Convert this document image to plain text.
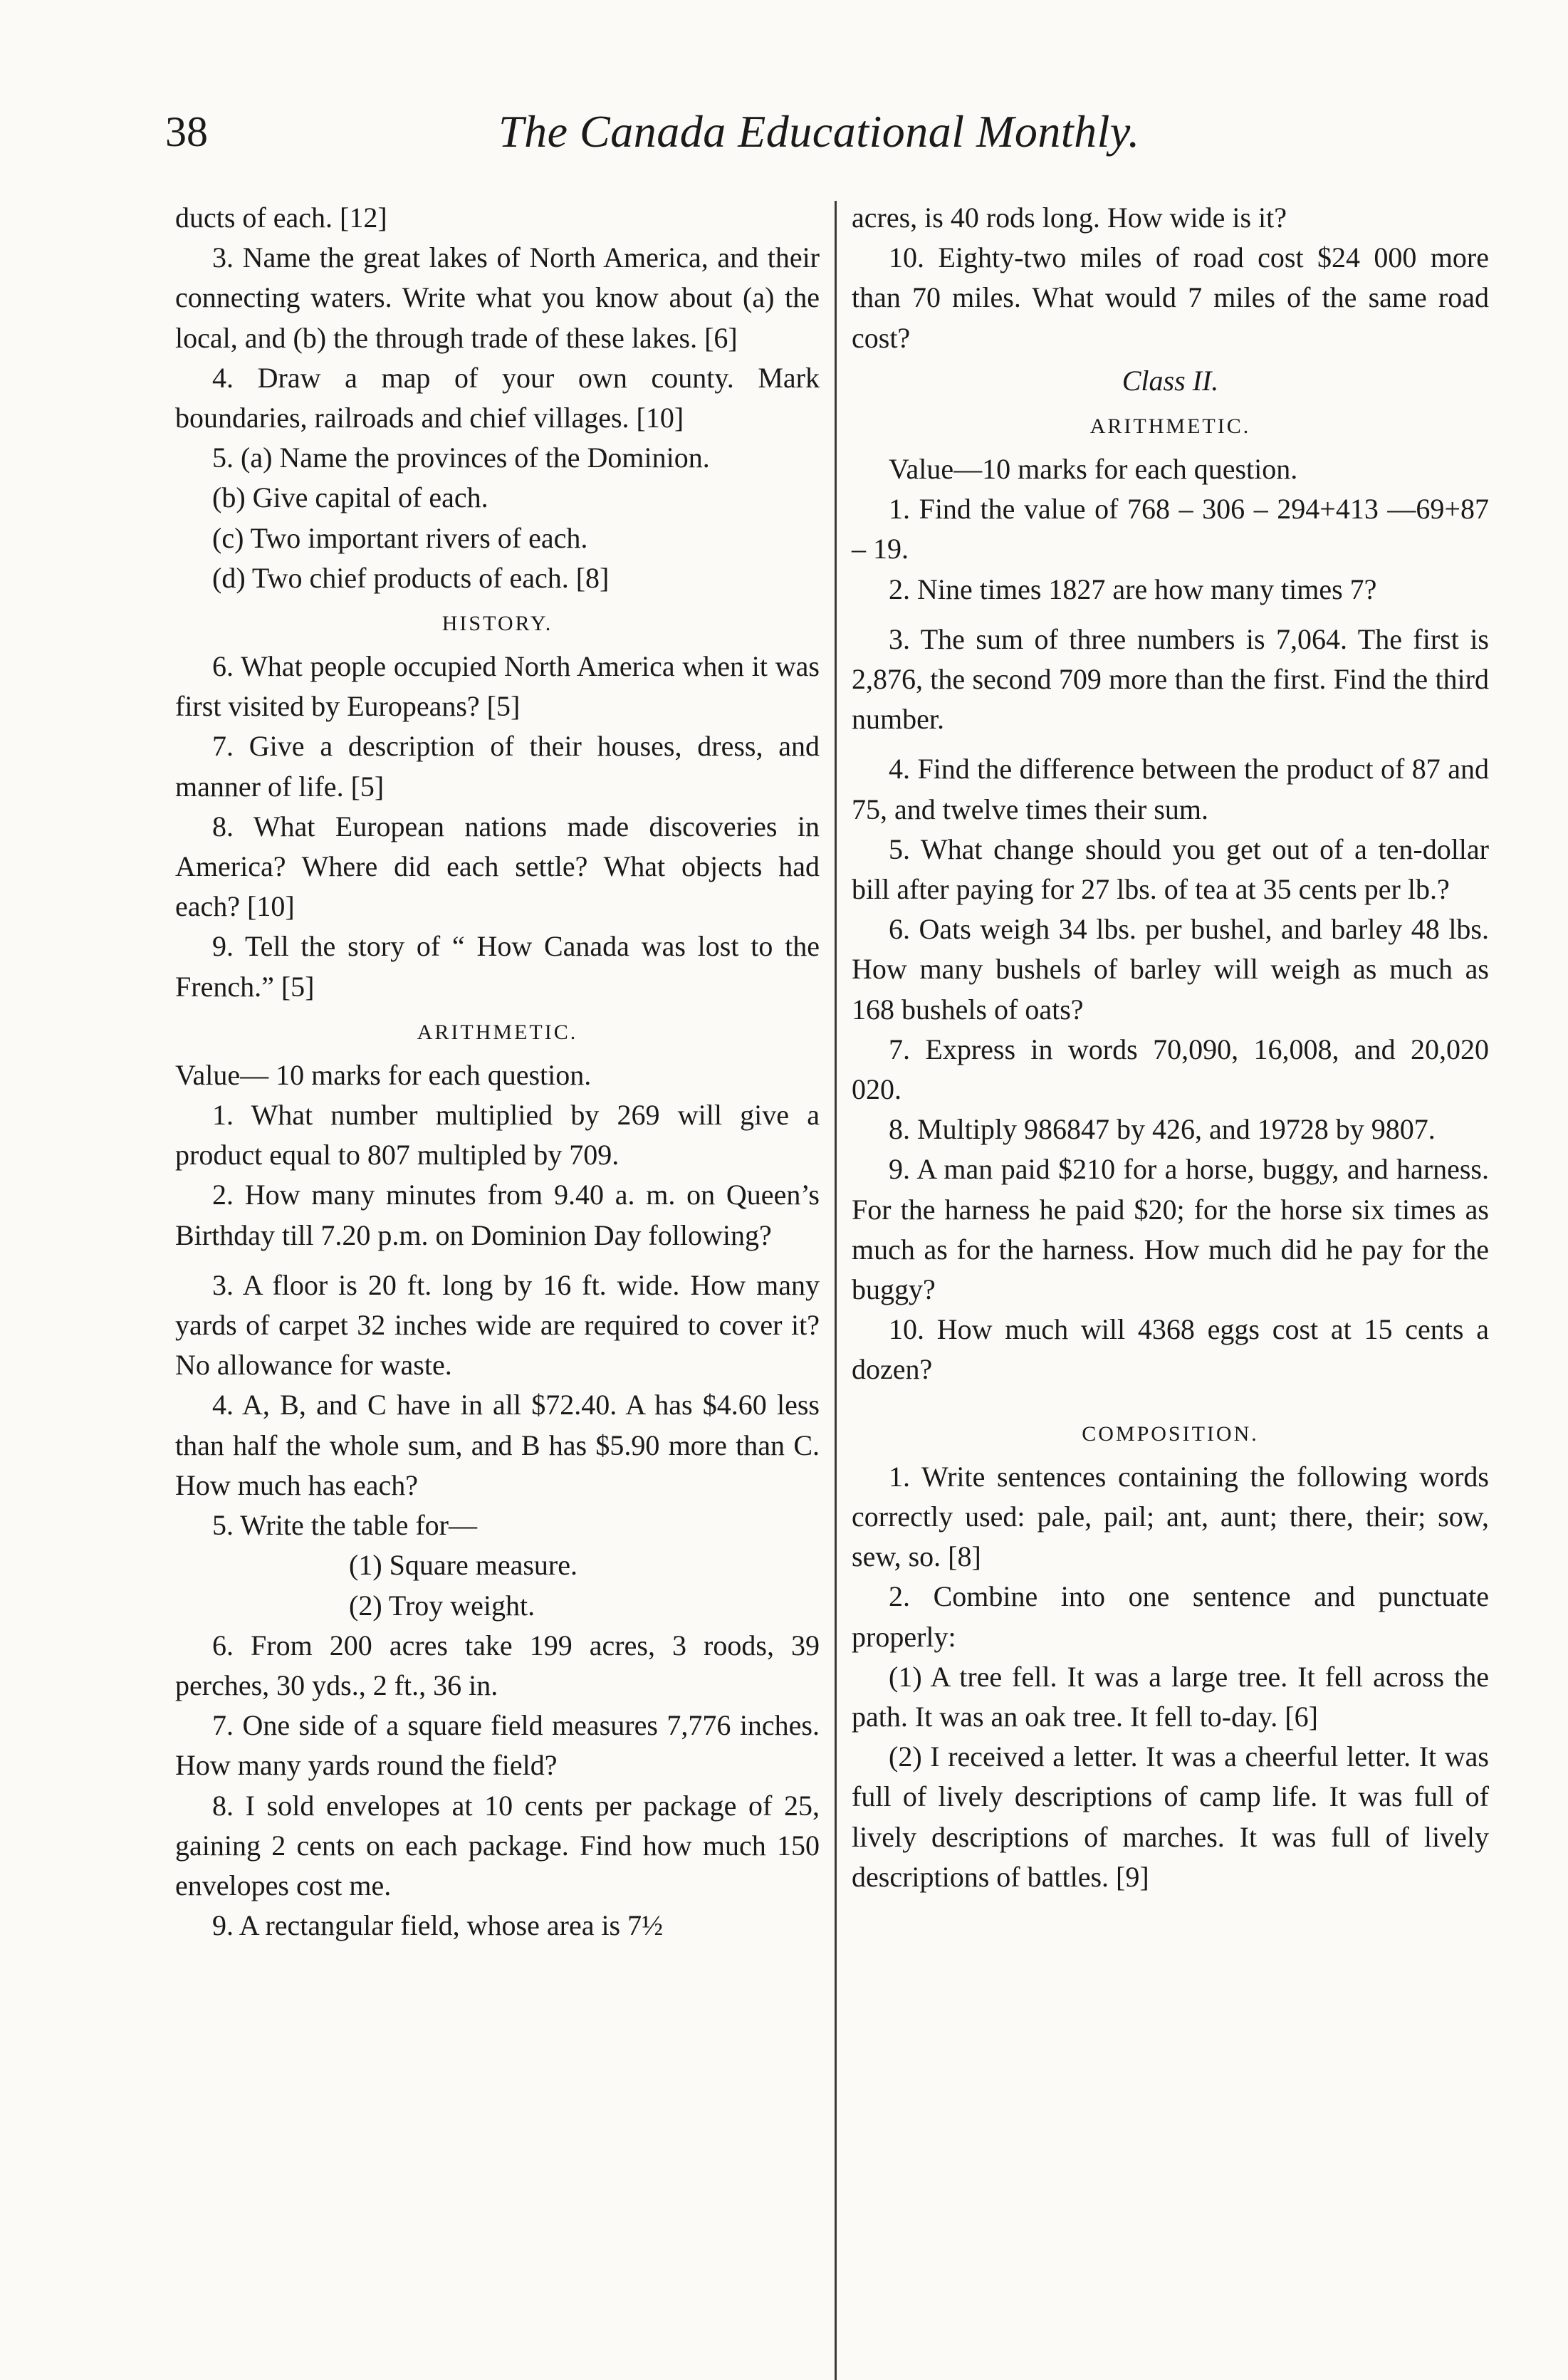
38	The Canada Educational Monthly.

ducts of each. [12]

3. Name the great lakes of North America, and their connecting waters. Write what you know about (a) the local, and (b) the through trade of these lakes. [6]

4. Draw a map of your own county. Mark boundaries, railroads and chief villages. [10]

5. (a) Name the provinces of the Dominion.

(b) Give capital of each.

(c) Two important rivers of each.

(d) Two chief products of each. [8]

HISTORY.

6. What people occupied North America when it was first visited by Europeans? [5]

7. Give a description of their houses, dress, and manner of life. [5]

8. What European nations made discoveries in America? Where did each settle? What objects had each? [10]

9. Tell the story of “ How Canada was lost to the French.” [5]

ARITHMETIC.

Value— 10 marks for each question.

1. What number multiplied by 269 will give a product equal to 807 multipled by 709.

2. How many minutes from 9.40 a. m. on Queen’s Birthday till 7.20 p.m. on Dominion Day following?

3. A floor is 20 ft. long by 16 ft. wide. How many yards of carpet 32 inches wide are required to cover it? No allowance for waste.

4. A, B, and C have in all $72.40. A has $4.60 less than half the whole sum, and B has $5.90 more than C. How much has each?

5. Write the table for—

(1) Square measure.

(2) Troy weight.

6. From 200 acres take 199 acres, 3 roods, 39 perches, 30 yds., 2 ft., 36 in.

7. One side of a square field measures 7,776 inches. How many yards round the field?

8. I sold envelopes at 10 cents per package of 25, gaining 2 cents on each package. Find how much 150 envelopes cost me.

9. A rectangular field, whose area is 7½

acres, is 40 rods long. How wide is it?

10. Eighty-two miles of road cost $24 000 more than 70 miles. What would 7 miles of the same road cost?

Class II.

ARITHMETIC.

Value—10 marks for each question.

1. Find the value of 768 – 306 – 294+413 —69+87 – 19.

2. Nine times 1827 are how many times 7?

3. The sum of three numbers is 7,064. The first is 2,876, the second 709 more than the first. Find the third number.

4. Find the difference between the product of 87 and 75, and twelve times their sum.

5. What change should you get out of a ten-dollar bill after paying for 27 lbs. of tea at 35 cents per lb.?

6. Oats weigh 34 lbs. per bushel, and barley 48 lbs. How many bushels of barley will weigh as much as 168 bushels of oats?

7. Express in words 70,090, 16,008, and 20,020 020.

8. Multiply 986847 by 426, and 19728 by 9807.

9. A man paid $210 for a horse, buggy, and harness. For the harness he paid $20; for the horse six times as much as for the harness. How much did he pay for the buggy?

10. How much will 4368 eggs cost at 15 cents a dozen?

COMPOSITION.

1. Write sentences containing the following words correctly used: pale, pail; ant, aunt; there, their; sow, sew, so. [8]

2. Combine into one sentence and punctuate properly:

(1) A tree fell. It was a large tree. It fell across the path. It was an oak tree. It fell to-day. [6]

(2) I received a letter. It was a cheerful letter. It was full of lively descriptions of camp life. It was full of lively descriptions of marches. It was full of lively descriptions of battles. [9]
